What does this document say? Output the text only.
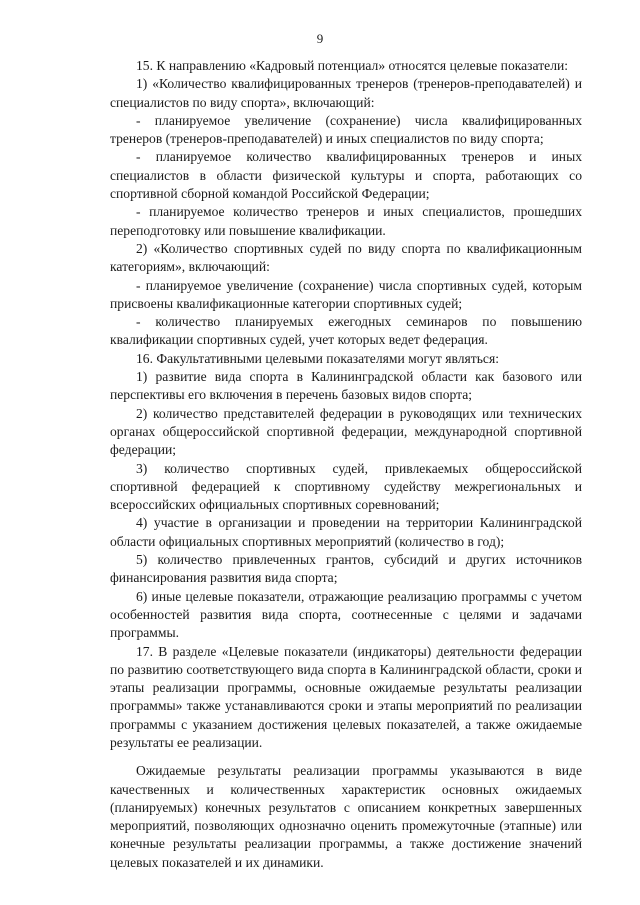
9

15. К направлению «Кадровый потенциал» относятся целевые показатели:

1) «Количество квалифицированных тренеров (тренеров-преподавателей) и специалистов по виду спорта», включающий:

- планируемое увеличение (сохранение) числа квалифицированных тренеров (тренеров-преподавателей) и иных специалистов по виду спорта;

- планируемое количество квалифицированных тренеров и иных специалистов в области физической культуры и спорта, работающих со спортивной сборной командой Российской Федерации;

- планируемое количество тренеров и иных специалистов, прошедших переподготовку или повышение квалификации.

2) «Количество спортивных судей по виду спорта по квалификационным категориям», включающий:

- планируемое увеличение (сохранение) числа спортивных судей, которым присвоены квалификационные категории спортивных судей;

- количество планируемых ежегодных семинаров по повышению квалификации спортивных судей, учет которых ведет федерация.

16. Факультативными целевыми показателями могут являться:

1) развитие вида спорта в Калининградской области как базового или перспективы его включения в перечень базовых видов спорта;

2) количество представителей федерации в руководящих или технических органах общероссийской спортивной федерации, международной спортивной федерации;

3) количество спортивных судей, привлекаемых общероссийской спортивной федерацией к спортивному судейству межрегиональных и всероссийских официальных спортивных соревнований;

4) участие в организации и проведении на территории Калининградской области официальных спортивных мероприятий (количество в год);

5) количество привлеченных грантов, субсидий и других источников финансирования развития вида спорта;

6) иные целевые показатели, отражающие реализацию программы с учетом особенностей развития вида спорта, соотнесенные с целями и задачами программы.

17. В разделе «Целевые показатели (индикаторы) деятельности федерации по развитию соответствующего вида спорта в Калининградской области, сроки и этапы реализации программы, основные ожидаемые результаты реализации программы» также устанавливаются сроки и этапы мероприятий по реализации программы с указанием достижения целевых показателей, а также ожидаемые результаты ее реализации.

Ожидаемые результаты реализации программы указываются в виде качественных и количественных характеристик основных ожидаемых (планируемых) конечных результатов с описанием конкретных завершенных мероприятий, позволяющих однозначно оценить промежуточные (этапные) или конечные результаты реализации программы, а также достижение значений целевых показателей и их динамики.
